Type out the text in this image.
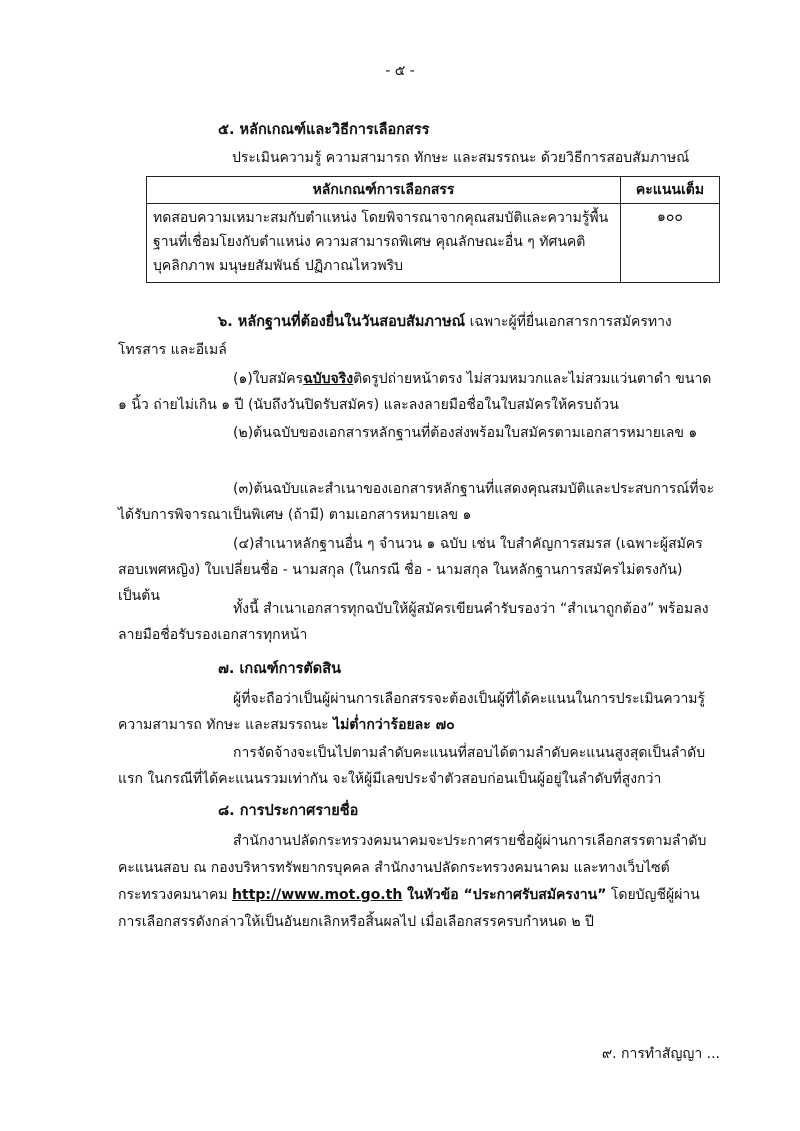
- ๕ -
๕. หลักเกณฑ์และวิธีการเลือกสรร
ประเมินความรู้ ความสามารถ ทักษะ และสมรรถนะ ด้วยวิธีการสอบสัมภาษณ์
หลักเกณฑ์การเลือกสรร	คะแนนเต็ม
ทดสอบความเหมาะสมกับตำแหน่ง โดยพิจารณาจากคุณสมบัติและความรู้พื้นฐานที่เชื่อมโยงกับตำแหน่ง ความสามารถพิเศษ คุณลักษณะอื่น ๆ ทัศนคติ บุคลิกภาพ มนุษยสัมพันธ์ ปฏิภาณไหวพริบ	๑๐๐
๖. หลักฐานที่ต้องยื่นในวันสอบสัมภาษณ์ เฉพาะผู้ที่ยื่นเอกสารการสมัครทางโทรสาร และอีเมล์
(๑)ใบสมัครฉบับจริงติดรูปถ่ายหน้าตรง ไม่สวมหมวกและไม่สวมแว่นตาดำ ขนาด ๑ นิ้ว ถ่ายไม่เกิน ๑ ปี (นับถึงวันปิดรับสมัคร) และลงลายมือชื่อในใบสมัครให้ครบถ้วน
(๒)ต้นฉบับของเอกสารหลักฐานที่ต้องส่งพร้อมใบสมัครตามเอกสารหมายเลข ๑
(๓)ต้นฉบับและสำเนาของเอกสารหลักฐานที่แสดงคุณสมบัติและประสบการณ์ที่จะได้รับการพิจารณาเป็นพิเศษ (ถ้ามี) ตามเอกสารหมายเลข ๑
(๔)สำเนาหลักฐานอื่น ๆ จำนวน ๑ ฉบับ เช่น ใบสำคัญการสมรส (เฉพาะผู้สมัครสอบเพศหญิง) ใบเปลี่ยนชื่อ - นามสกุล (ในกรณี ชื่อ - นามสกุล ในหลักฐานการสมัครไม่ตรงกัน) เป็นต้น
ทั้งนี้ สำเนาเอกสารทุกฉบับให้ผู้สมัครเขียนคำรับรองว่า “สำเนาถูกต้อง” พร้อมลงลายมือชื่อรับรองเอกสารทุกหน้า
๗. เกณฑ์การตัดสิน
ผู้ที่จะถือว่าเป็นผู้ผ่านการเลือกสรรจะต้องเป็นผู้ที่ได้คะแนนในการประเมินความรู้ ความสามารถ ทักษะ และสมรรถนะ ไม่ต่ำกว่าร้อยละ ๗๐
การจัดจ้างจะเป็นไปตามลำดับคะแนนที่สอบได้ตามลำดับคะแนนสูงสุดเป็นลำดับแรก ในกรณีที่ได้คะแนนรวมเท่ากัน จะให้ผู้มีเลขประจำตัวสอบก่อนเป็นผู้อยู่ในลำดับที่สูงกว่า
๘. การประกาศรายชื่อ
สำนักงานปลัดกระทรวงคมนาคมจะประกาศรายชื่อผู้ผ่านการเลือกสรรตามลำดับคะแนนสอบ ณ กองบริหารทรัพยากรบุคคล สำนักงานปลัดกระทรวงคมนาคม และทางเว็บไซต์กระทรวงคมนาคม http://www.mot.go.th ในหัวข้อ “ประกาศรับสมัครงาน” โดยบัญชีผู้ผ่านการเลือกสรรดังกล่าวให้เป็นอันยกเลิกหรือสิ้นผลไป เมื่อเลือกสรรครบกำหนด ๒ ปี
๙. การทำสัญญา ...
